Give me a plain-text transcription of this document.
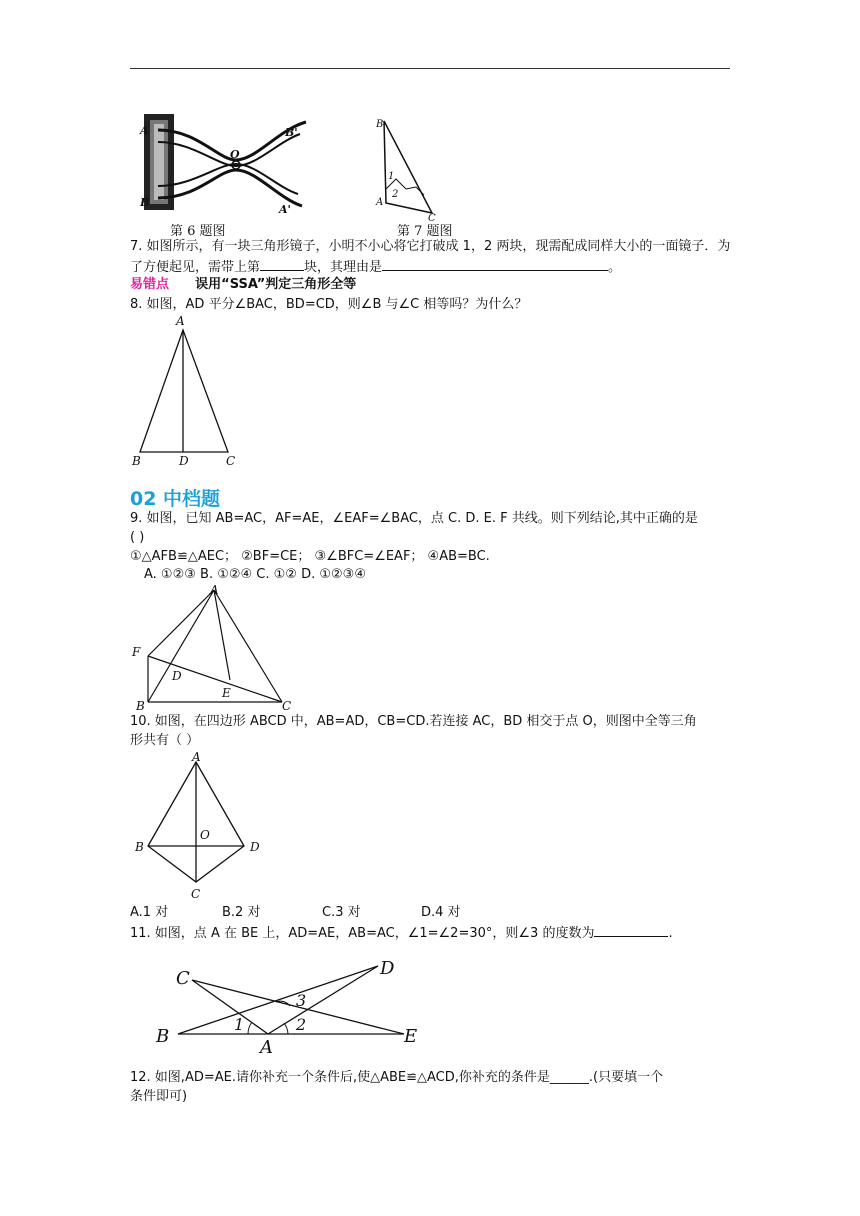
A
B
O
B'
A'
第 6 题图
B
A
C
1
2
第 7 题图
7. 如图所示，有一块三角形镜子，小明不小心将它打破成 1，2 两块，现需配成同样大小的一面镜子．为
了方便起见，需带上第	块，其理由是	。
易错点 误用“SSA”判定三角形全等
8. 如图，AD 平分∠BAC，BD=CD，则∠B 与∠C 相等吗？为什么？
A
B	D	C
02 中档题
9. 如图，已知 AB=AC，AF=AE，∠EAF=∠BAC，点 C. D. E. F 共线。则下列结论,其中正确的是
( )
①△AFB≌△AEC； ②BF=CE； ③∠BFC=∠EAF； ④AB=BC.
A. ①②③ B. ①②④ C. ①② D. ①②③④
A
F
D
E
B	C
10. 如图，在四边形 ABCD 中，AB=AD，CB=CD.若连接 AC，BD 相交于点 O，则图中全等三角
形共有（ ）
A
B
O
D
C
A.1 对	B.2 对	C.3 对	D.4 对
11. 如图，点 A 在 BE 上，AD=AE，AB=AC，∠1=∠2=30°，则∠3 的度数为	.
C	D
B
A
E
1	2
3
12. 如图,AD=AE.请你补充一个条件后,使△ABE≌△ACD,你补充的条件是______.(只要填一个
条件即可)
